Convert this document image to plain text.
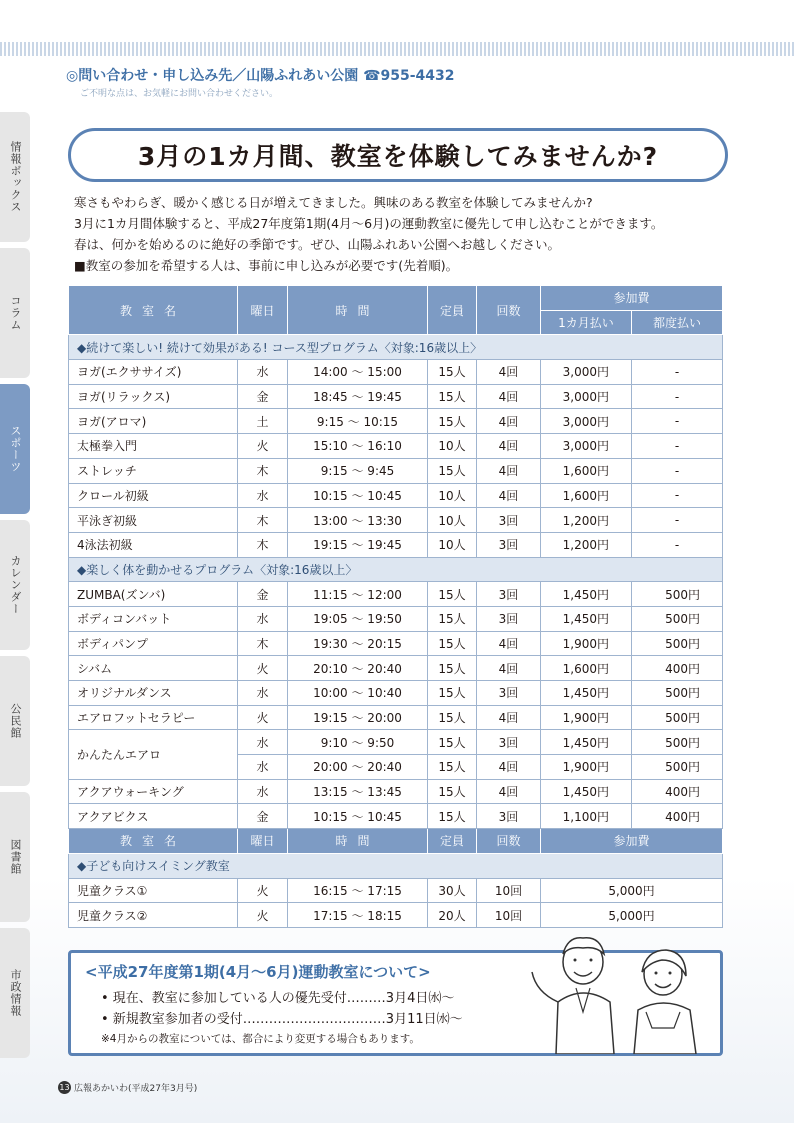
◎問い合わせ・申し込み先／山陽ふれあい公園 ☎955-4432
ご不明な点は、お気軽にお問い合わせください。
情報ボックス
コラム
スポーツ
カレンダー
公民館
図書館
市政情報
3月の1カ月間、教室を体験してみませんか?

寒さもやわらぎ、暖かく感じる日が増えてきました。興味のある教室を体験してみませんか?

3月に1カ月間体験すると、平成27年度第1期(4月～6月)の運動教室に優先して申し込むことができます。

春は、何かを始めるのに絶好の季節です。ぜひ、山陽ふれあい公園へお越しください。

■教室の参加を希望する人は、事前に申し込みが必要です(先着順)。
教室名	曜日	時間	定員	回数	参加費	
					1カ月払い	都度払い
◆続けて楽しい! 続けて効果がある! コース型プログラム〈対象:16歳以上〉						
ヨガ(エクササイズ)	水	14:00 ～ 15:00	15人	4回	3,000円	-
ヨガ(リラックス)	金	18:45 ～ 19:45	15人	4回	3,000円	-
ヨガ(アロマ)	土	9:15 ～ 10:15	15人	4回	3,000円	-
太極拳入門	火	15:10 ～ 16:10	10人	4回	3,000円	-
ストレッチ	木	9:15 ～ 9:45	15人	4回	1,600円	-
クロール初級	水	10:15 ～ 10:45	10人	4回	1,600円	-
平泳ぎ初級	木	13:00 ～ 13:30	10人	3回	1,200円	-
4泳法初級	木	19:15 ～ 19:45	10人	3回	1,200円	-
◆楽しく体を動かせるプログラム〈対象:16歳以上〉						
ZUMBA(ズンバ)	金	11:15 ～ 12:00	15人	3回	1,450円	500円
ボディコンバット	水	19:05 ～ 19:50	15人	3回	1,450円	500円
ボディパンプ	木	19:30 ～ 20:15	15人	4回	1,900円	500円
シバム	火	20:10 ～ 20:40	15人	4回	1,600円	400円
オリジナルダンス	水	10:00 ～ 10:40	15人	3回	1,450円	500円
エアロフットセラピー	火	19:15 ～ 20:00	15人	4回	1,900円	500円
かんたんエアロ	水	9:10 ～ 9:50	15人	3回	1,450円	500円
	水	20:00 ～ 20:40	15人	4回	1,900円	500円
アクアウォーキング	水	13:15 ～ 13:45	15人	4回	1,450円	400円
アクアビクス	金	10:15 ～ 10:45	15人	3回	1,100円	400円
教室名	曜日	時間	定員	回数	参加費	
◆子ども向けスイミング教室						
児童クラス①	火	16:15 ～ 17:15	30人	10回	5,000円	
児童クラス②	火	17:15 ～ 18:15	20人	10回	5,000円	
<平成27年度第1期(4月～6月)運動教室について>
• 現在、教室に参加している人の優先受付………3月4日㈬～
• 新規教室参加者の受付……………………………3月11日㈬～
※4月からの教室については、都合により変更する場合もあります。
13 広報あかいわ(平成27年3月号)
